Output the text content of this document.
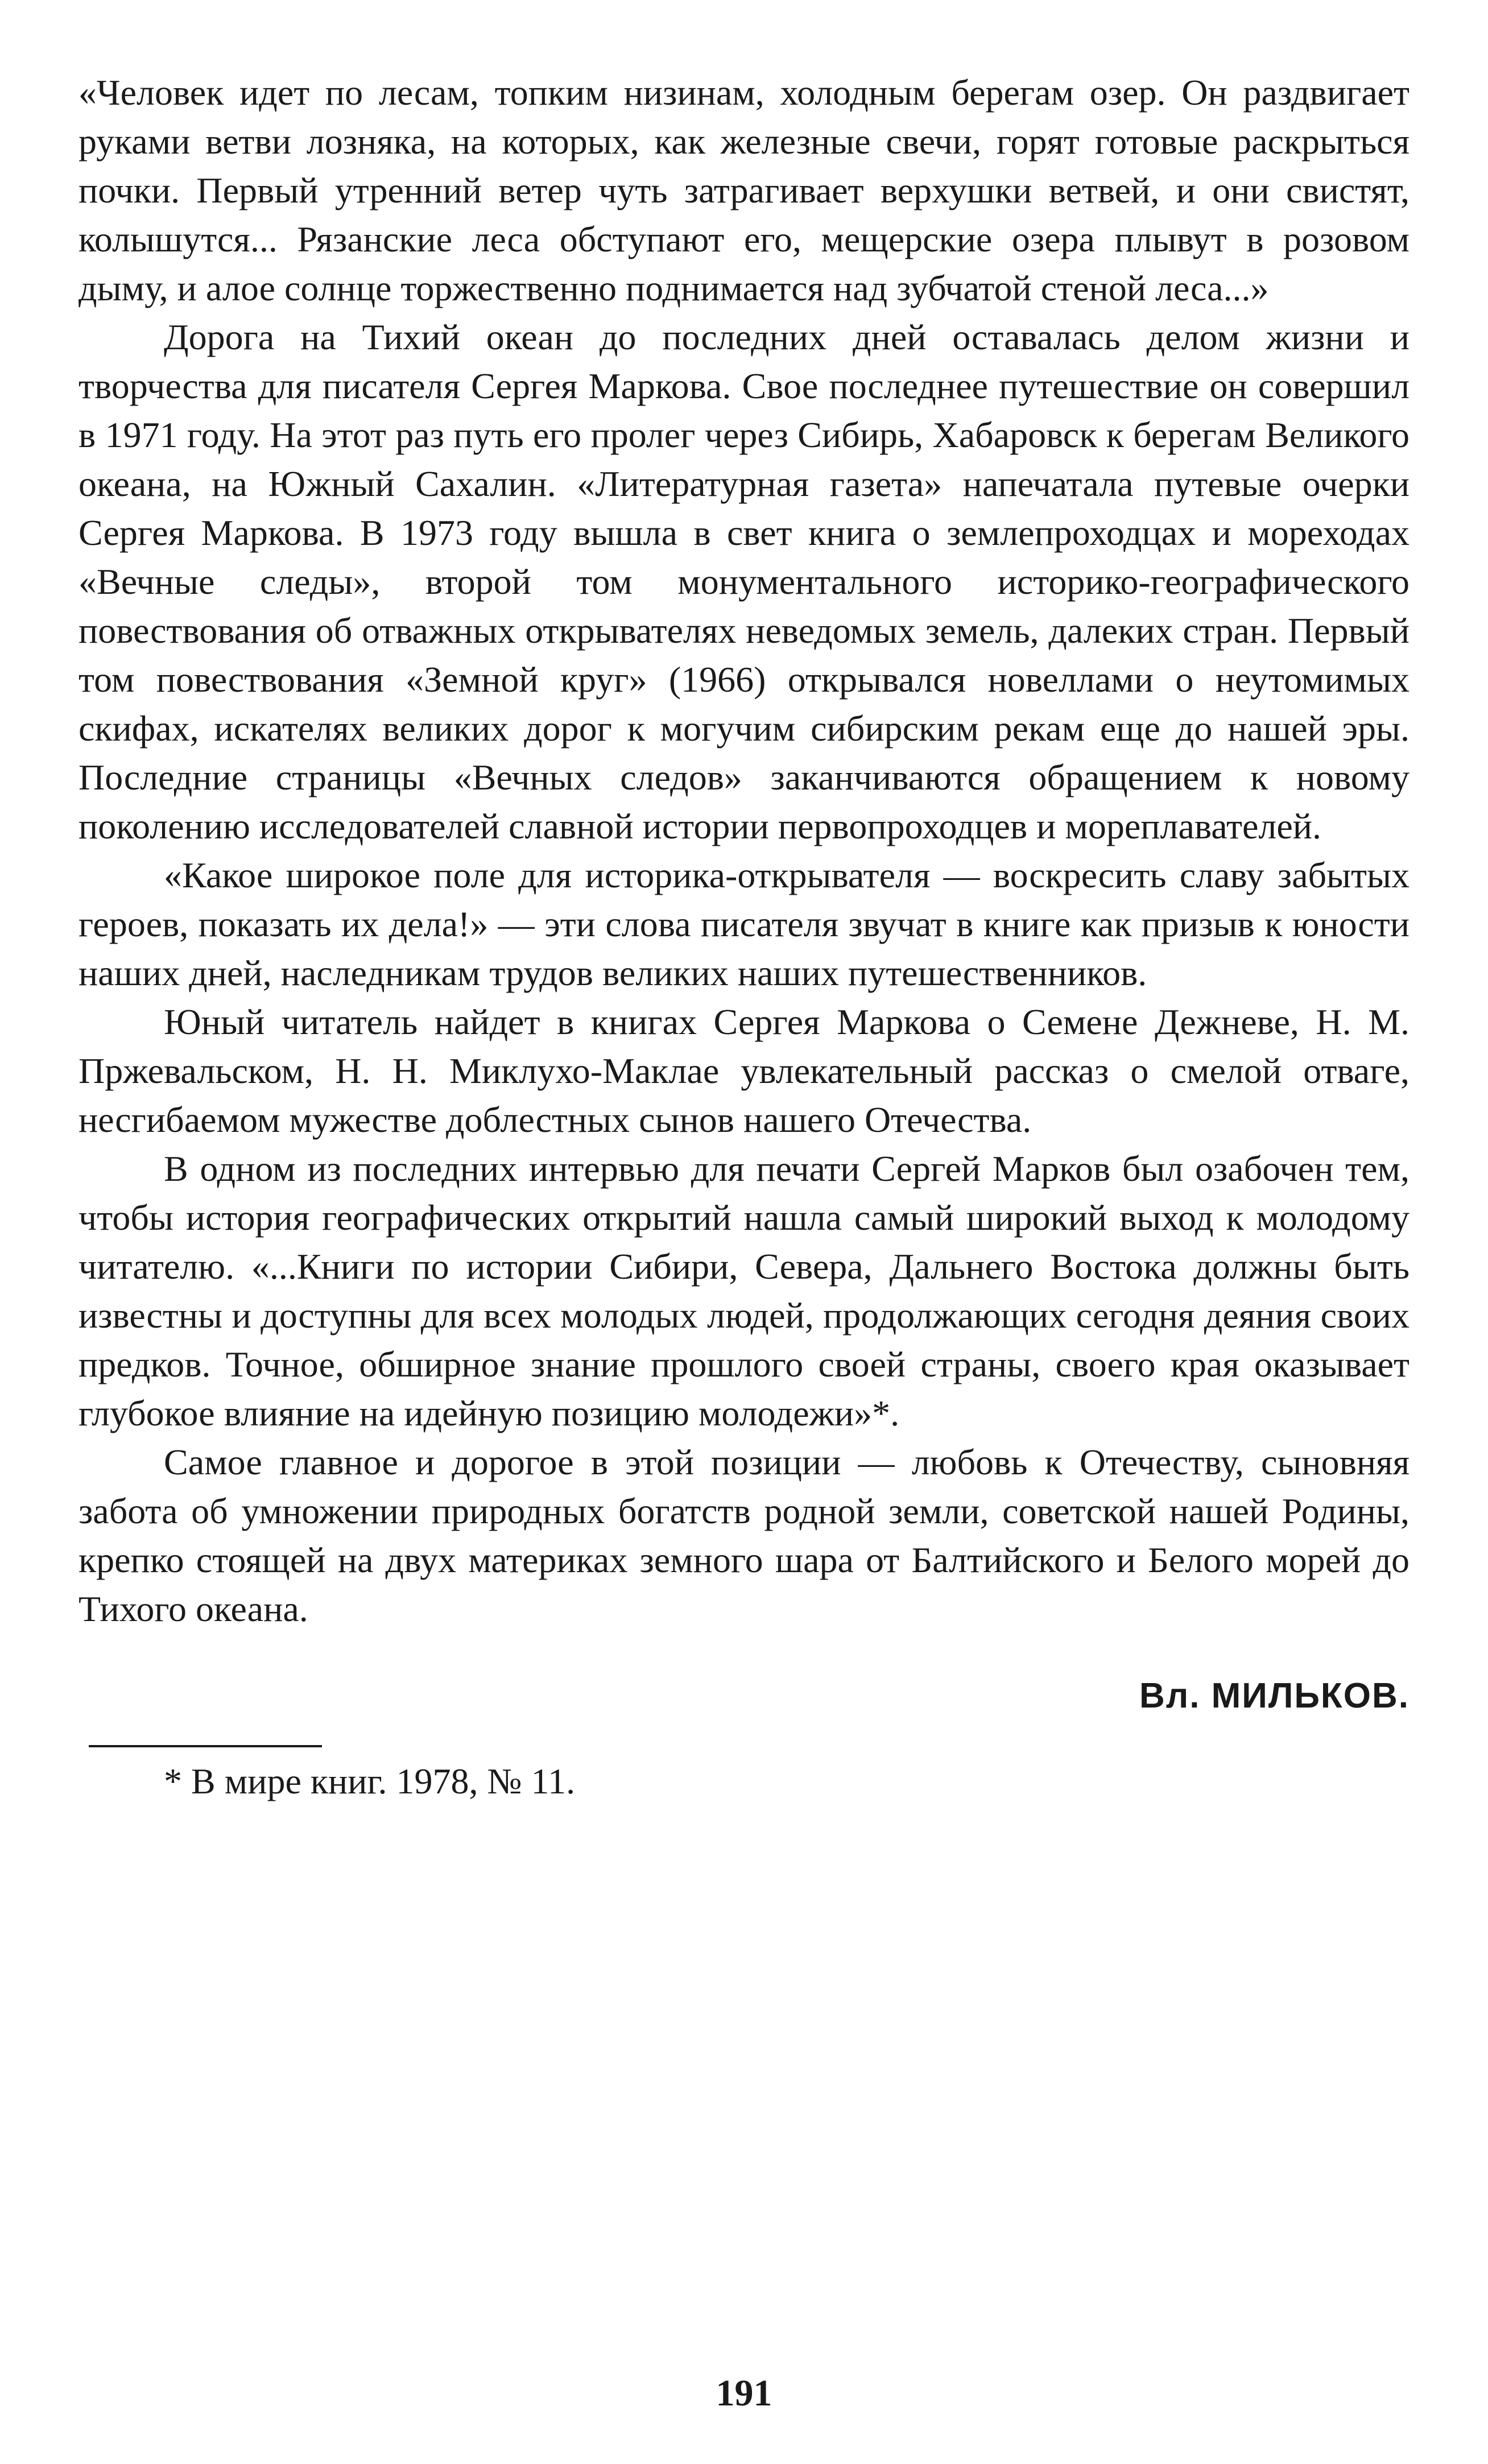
«Человек идет по лесам, топким низинам, холодным берегам озер. Он раздвигает руками ветви лозняка, на которых, как железные свечи, горят готовые раскрыться почки. Первый утренний ветер чуть затрагивает верхушки ветвей, и они свистят, колышутся... Рязанские леса обступают его, мещерские озера плывут в розовом дыму, и алое солнце торжественно поднимается над зубчатой стеной леса...»

Дорога на Тихий океан до последних дней оставалась делом жизни и творчества для писателя Сергея Маркова. Свое последнее путешествие он совершил в 1971 году. На этот раз путь его пролег через Сибирь, Хабаровск к берегам Великого океана, на Южный Сахалин. «Литературная газета» напечатала путевые очерки Сергея Маркова. В 1973 году вышла в свет книга о землепроходцах и мореходах «Вечные следы», второй том монументального историко-географического повествования об отважных открывателях неведомых земель, далеких стран. Первый том повествования «Земной круг» (1966) открывался новеллами о неутомимых скифах, искателях великих дорог к могучим сибирским рекам еще до нашей эры. Последние страницы «Вечных следов» заканчиваются обращением к новому поколению исследователей славной истории первопроходцев и мореплавателей.

«Какое широкое поле для историка-открывателя — воскресить славу забытых героев, показать их дела!» — эти слова писателя звучат в книге как призыв к юности наших дней, наследникам трудов великих наших путешественников.

Юный читатель найдет в книгах Сергея Маркова о Семене Дежневе, Н. М. Пржевальском, Н. Н. Миклухо-Маклае увлекательный рассказ о смелой отваге, несгибаемом мужестве доблестных сынов нашего Отечества.

В одном из последних интервью для печати Сергей Марков был озабочен тем, чтобы история географических открытий нашла самый широкий выход к молодому читателю. «...Книги по истории Сибири, Севера, Дальнего Востока должны быть известны и доступны для всех молодых людей, продолжающих сегодня деяния своих предков. Точное, обширное знание прошлого своей страны, своего края оказывает глубокое влияние на идейную позицию молодежи»*.

Самое главное и дорогое в этой позиции — любовь к Отечеству, сыновняя забота об умножении природных богатств родной земли, советской нашей Родины, крепко стоящей на двух материках земного шара от Балтийского и Белого морей до Тихого океана.

Вл. МИЛЬКОВ.
* В мире книг. 1978, № 11.
191
